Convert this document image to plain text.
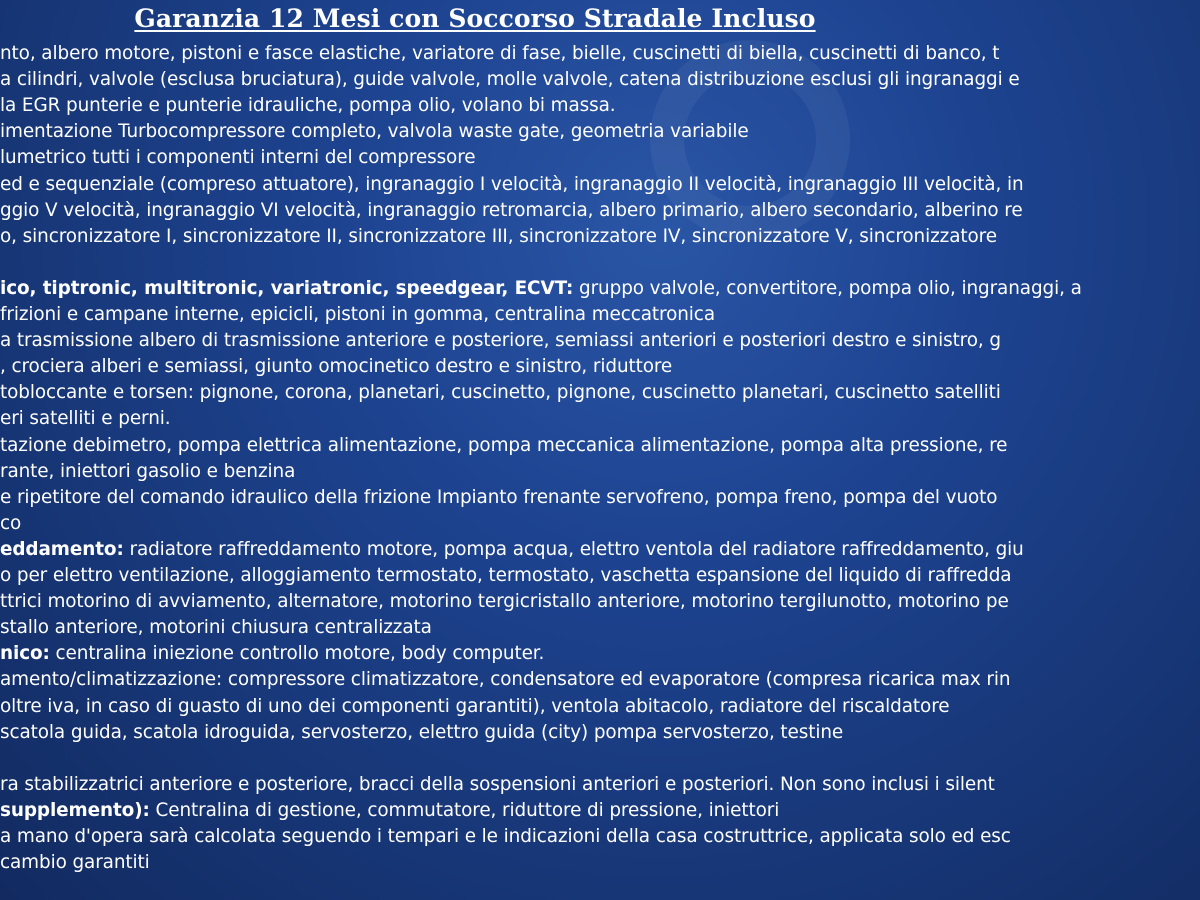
Garanzia 12 Mesi con Soccorso Stradale Incluso
nto, albero motore, pistoni e fasce elastiche, variatore di fase, bielle, cuscinetti di biella, cuscinetti di banco, t
a cilindri, valvole (esclusa bruciatura), guide valvole, molle valvole, catena distribuzione esclusi gli ingranaggi e
la EGR punterie e punterie idrauliche, pompa olio, volano bi massa.
imentazione Turbocompressore completo, valvola waste gate, geometria variabile
lumetrico tutti i componenti interni del compressore
ed e sequenziale (compreso attuatore), ingranaggio I velocità, ingranaggio II velocità, ingranaggio III velocità, in
ggio V velocità, ingranaggio VI velocità, ingranaggio retromarcia, albero primario, albero secondario, alberino re
o, sincronizzatore I, sincronizzatore II, sincronizzatore III, sincronizzatore IV, sincronizzatore V, sincronizzatore
ico, tiptronic, multitronic, variatronic, speedgear, ECVT: gruppo valvole, convertitore, pompa olio, ingranaggi, a
frizioni e campane interne, epicicli, pistoni in gomma, centralina meccatronica
a trasmissione albero di trasmissione anteriore e posteriore, semiassi anteriori e posteriori destro e sinistro, g
, crociera alberi e semiassi, giunto omocinetico destro e sinistro, riduttore
tobloccante e torsen: pignone, corona, planetari, cuscinetto, pignone, cuscinetto planetari, cuscinetto satelliti
eri satelliti e perni.
tazione debimetro, pompa elettrica alimentazione, pompa meccanica alimentazione, pompa alta pressione, re
rante, iniettori gasolio e benzina
e ripetitore del comando idraulico della frizione Impianto frenante servofreno, pompa freno, pompa del vuoto
co
eddamento: radiatore raffreddamento motore, pompa acqua, elettro ventola del radiatore raffreddamento, giu
o per elettro ventilazione, alloggiamento termostato, termostato, vaschetta espansione del liquido di raffredda
ttrici motorino di avviamento, alternatore, motorino tergicristallo anteriore, motorino tergilunotto, motorino pe
stallo anteriore, motorini chiusura centralizzata
nico: centralina iniezione controllo motore, body computer.
amento/climatizzazione: compressore climatizzatore, condensatore ed evaporatore (compresa ricarica max rin
oltre iva, in caso di guasto di uno dei componenti garantiti), ventola abitacolo, radiatore del riscaldatore
scatola guida, scatola idroguida, servosterzo, elettro guida (city) pompa servosterzo, testine
ra stabilizzatrici anteriore e posteriore, bracci della sospensioni anteriori e posteriori. Non sono inclusi i silent
supplemento): Centralina di gestione, commutatore, riduttore di pressione, iniettori
a mano d'opera sarà calcolata seguendo i tempari e le indicazioni della casa costruttrice, applicata solo ed esc
cambio garantiti
